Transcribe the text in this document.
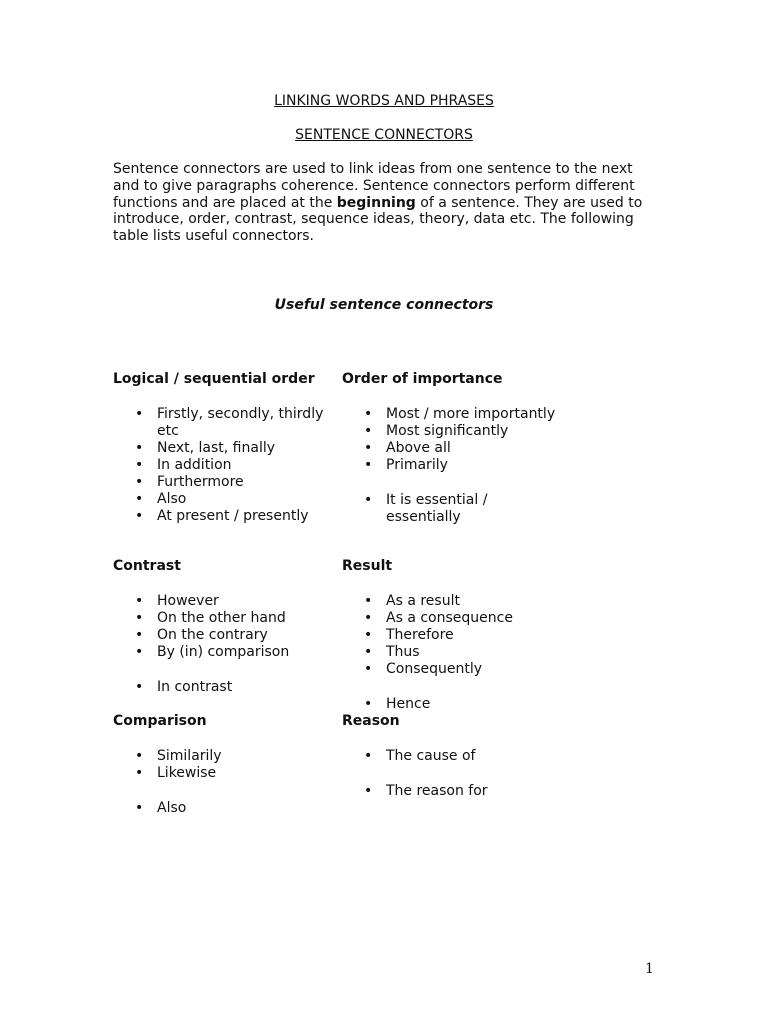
LINKING WORDS AND PHRASES
SENTENCE CONNECTORS

Sentence connectors are used to link ideas from one sentence to the next and to give paragraphs coherence. Sentence connectors perform different functions and are placed at the beginning of a sentence. They are used to introduce, order, contrast, sequence ideas, theory, data etc. The following table lists useful connectors.

Useful sentence connectors

Logical / sequential order
• Firstly, secondly, thirdly etc
• Next, last, finally
• In addition
• Furthermore
• Also
• At present / presently
Order of importance
• Most / more importantly
• Most significantly
• Above all
• Primarily
• It is essential / essentially
Contrast
• However
• On the other hand
• On the contrary
• By (in) comparison
• In contrast
Result
• As a result
• As a consequence
• Therefore
• Thus
• Consequently
• Hence
Comparison
• Similarily
• Likewise
• Also
Reason
• The cause of
• The reason for
1
